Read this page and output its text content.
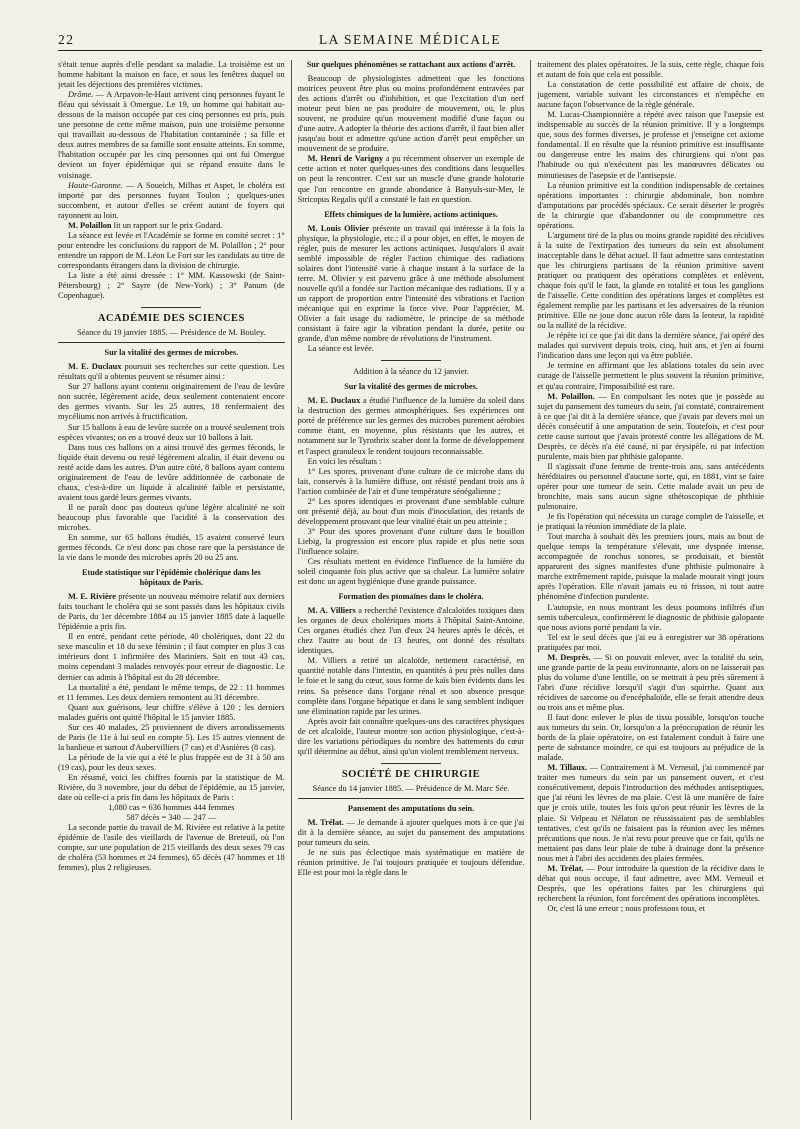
22	LA SEMAINE MÉDICALE

s'était tenue auprès d'elle pendant sa maladie. La troisième est un homme habitant la maison en face, et sous les fenêtres duquel on jetait les déjections des premières victimes.

Drôme. — A Arpavon-le-Haut arrivent cinq personnes fuyant le fléau qui sévissait à Omergue. Le 19, un homme qui habitait au-dessous de la maison occupée par ces cinq personnes est pris, puis une personne de cette même maison, puis une troisième personne qui travaillait au-dessous de l'habitation contaminée ; sa fille et deux autres membres de sa famille sont ensuite atteints. En somme, l'habitation occupée par les cinq personnes qui ont fui Omergue devient un foyer épidémique qui se répand ensuite dans le voisinage.

Haute-Garonne. — A Soueich, Milhas et Aspet, le choléra est importé par des personnes fuyant Toulon ; quelques-unes succombent, et autour d'elles se créent autant de foyers qui rayonnent au loin.

M. Polaillon lit un rapport sur le prix Godard.

La séance est levée et l'Académie se forme en comité secret : 1° pour entendre les conclusions du rapport de M. Polaillon ; 2° pour entendre un rapport de M. Léon Le Fort sur les candidats au titre de correspondants étrangers dans la division de chirurgie.

La liste a été ainsi dressée : 1° MM. Kassowski (de Saint-Pétersbourg) ; 2° Sayre (de New-York) ; 3° Panum (de Copenhague).

ACADÉMIE DES SCIENCES

Séance du 19 janvier 1885. — Présidence de M. Bouley.

Sur la vitalité des germes de microbes.

M. E. Duclaux poursuit ses recherches sur cette question. Les résultats qu'il a obtenus peuvent se résumer ainsi :

Sur 27 ballons ayant contenu originairement de l'eau de levûre non sucrée, légèrement acide, deux seulement contenaient encore des germes vivants. Sur les 25 autres, 18 renfermaient des mycéliums non arrivés à fructification.

Sur 15 ballons à eau de levûre sucrée on a trouvé seulement trois espèces vivantes; on en a trouvé deux sur 10 ballons à lait.

Dans tous ces ballons on a ainsi trouvé des germes féconds, le liquide était devenu ou resté légèrement alcalin, il était devenu ou resté acide dans les autres. D'un autre côté, 8 ballons ayant contenu originairement de l'eau de levûre additionnée de carbonate de chaux, c'est-à-dire un liquide à alcalinité faible et persistante, avaient tous gardé leurs germes vivants.

Il ne paraît donc pas douteux qu'une légère alcalinité ne soit beaucoup plus favorable que l'acidité à la conservation des microbes.

En somme, sur 65 ballons étudiés, 15 avaient conservé leurs germes féconds. Ce n'est donc pas chose rare que la persistance de la vie dans le monde des microbes après 20 ou 25 ans.

Etude statistique sur l'épidémie cholérique dans les hôpitaux de Paris.

M. E. Rivière présente un nouveau mémoire relatif aux derniers faits touchant le choléra qui se sont passés dans les hôpitaux civils de Paris, du 1er décembre 1884 au 15 janvier 1885 date à laquelle l'épidémie a pris fin.

Il en entré, pendant cette période, 40 cholériques, dont 22 du sexe masculin et 18 du sexe féminin ; il faut compter en plus 3 cas intérieurs dont 1 infirmière des Mariniers. Soit en tout 43 cas, moins cependant 3 malades renvoyés pour erreur de diagnostic. Le dernier cas admis à l'hôpital est du 28 décembre.

La mortalité a été, pendant le même temps, de 22 : 11 hommes et 11 femmes. Les deux derniers remontent au 31 décembre.

Quant aux guérisons, leur chiffre s'élève à 120 ; les derniers malades guéris ont quitté l'hôpital le 15 janvier 1885.

Sur ces 40 malades, 25 proviennent de divers arrondissements de Paris (le 11e à lui seul en compte 5). Les 15 autres viennent de la banlieue et surtout d'Aubervilliers (7 cas) et d'Asnières (8 cas).

La période de la vie qui a été le plus frappée est de 31 à 50 ans (19 cas), pour les deux sexes.

En résumé, voici les chiffres fournis par la statistique de M. Rivière, du 3 novembre, jour du début de l'épidémie, au 15 janvier, date où celle-ci a pris fin dans les hôpitaux de Paris :

1,080 cas = 636 hommes 444 femmes

587 décès = 340 — 247 —

La seconde partie du travail de M. Rivière est relative à la petite épidémie de l'asile des vieillards de l'avenue de Breteuil, où l'on compte, sur une population de 215 vieillards des deux sexes 79 cas de choléra (53 hommes et 24 femmes), 65 décès (47 hommes et 18 femmes), plus 2 religieuses.

Sur quelques phénomènes se rattachant aux actions d'arrêt.

Beaucoup de physiologistes admettent que les fonctions motrices peuvent être plus ou moins profondément entravées par des actions d'arrêt ou d'inhibition, et que l'excitation d'un nerf moteur peut bien ne pas produire de mouvement, ou, le plus souvent, ne produire qu'un mouvement modifié d'une façon ou d'une autre. A adopter la théorie des actions d'arrêt, il faut bien aller jusqu'au bout et admettre qu'une action d'arrêt peut empêcher un mouvement de se produire.

M. Henri de Varigny a pu récemment observer un exemple de cette action et noter quelques-unes des conditions dans lesquelles on peut la rencontrer. C'est sur un muscle d'une grande holoturie que l'on rencontre en grande abondance à Banyuls-sur-Mer, le Stricopus Regalis qu'il a constaté le fait en question.

Effets chimiques de la lumière, actions actiniques.

M. Louis Olivier présente un travail qui intéresse à la fois la physique, la physiologie, etc.; il a pour objet, en effet, le moyen de régler, puis de mesurer les actions actiniques. Jusqu'alors il avait semblé impossible de régler l'action chimique des radiations solaires dont l'intensité varie à chaque instant à la surface de la terre. M. Olivier y est parvenu grâce à une méthode absolument nouvelle qu'il a fondée sur l'action mécanique des radiations. Il y a un rapport de proportion entre l'intensité des vibrations et l'action mécanique qui en exprime la force vive. Pour l'apprécier, M. Olivier a fait usage du radiomètre, le principe de sa méthode consistant à faire agir la vibration pendant la durée, petite ou grande, d'un même nombre de révolutions de l'instrument.

La séance est levée.

Addition à la séance du 12 janvier.

Sur la vitalité des germes de microbes.

M. E. Duclaux a étudié l'influence de la lumière du soleil dans la destruction des germes atmosphériques. Ses expériences ont porté de préférence sur les germes des microbes purement aérobies comme étant, en moyenne, plus résistants que les autres, et notamment sur le Tyrothrix scaber dont la forme de développement et l'aspect granuleux le rendent toujours reconnaissable.

En voici les résultats :

1° Les spores, provenant d'une culture de ce microbe dans du lait, conservés à la lumière diffuse, ont résisté pendant trois ans à l'action combinée de l'air et d'une température sénégalienne ;

2° Les spores identiques et provenant d'une semblable culture ont présenté déjà, au bout d'un mois d'inoculation, des retards de développement prouvant que leur vitalité était un peu atteinte ;

3° Pour des spores provenant d'une culture dans le bouillon Liebig, la progression est encore plus rapide et plus nette sous l'influence solaire.

Ces résultats mettent en évidence l'influence de la lumière du soleil cinquante fois plus active que sa chaleur. La lumière solaire est donc un agent hygiénique d'une grande puissance.

Formation des ptomaïnes dans le choléra.

M. A. Villiers a recherché l'existence d'alcaloïdes toxiques dans les organes de deux cholériques morts à l'hôpital Saint-Antoine. Ces organes étudiés chez l'un d'eux 24 heures après le décès, et chez l'autre au bout de 13 heures, ont donné des résultats identiques.

M. Villiers a retiré un alcaloïde, nettement caractérisé, en quantité notable dans l'intestin, en quantités à peu près nulles dans le foie et le sang du cœur, sous forme de kaïs bien évidents dans les reins. Sa présence dans l'organe rénal et son absence presque complète dans l'organe hépatique et dans le sang semblent indiquer une élimination rapide par les urines.

Après avoir fait connaître quelques-uns des caractères physiques de cet alcaloïde, l'auteur montre son action physiologique, c'est-à-dire les variations périodiques du nombre des battements du cœur qu'il détermine au début, ainsi qu'un violent tremblement nerveux.

SOCIÉTÉ DE CHIRURGIE

Séance du 14 janvier 1885. — Présidence de M. Marc Sée.

Pansement des amputations du sein.

M. Trélat. — Je demande à ajouter quelques mots à ce que j'ai dit à la dernière séance, au sujet du pansement des amputations pour tumeurs du sein.

Je ne suis pas éclectique mais systématique en matière de réunion primitive. Je l'ai toujours pratiquée et toujours défendue. Elle est pour moi la règle dans le

traitement des plaies opératoires. Je la suis, cette règle, chaque fois et autant de fois que cela est possible.

La constatation de cette possibilité est affaire de choix, de jugement, variable suivant les circonstances et n'empêche en aucune façon l'observance de la règle générale.

M. Lucas-Championnière a répété avec raison que l'asepsie est indispensable au succès de la réunion primitive. Il y a longtemps que, sous des formes diverses, je professe et j'enseigne cet axiome fondamental. Il en résulte que la réunion primitive est insuffisante ou dangereuse entre les mains des chirurgiens qui n'ont pas l'habitude ou qui n'exécutent pas les manœuvres délicates ou minutieuses de l'asepsie et de l'antisepsie.

La réunion primitive est la condition indispensable de certaines opérations importantes : chirurgie abdominale, bon nombre d'amputations par procédés spéciaux. Ce serait déserter le progrès de la chirurgie que d'abandonner ou de compromettre ces opérations.

L'argument tiré de la plus ou moins grande rapidité des récidives à la suite de l'extirpation des tumeurs du sein est absolument inacceptable dans le débat actuel. Il faut admettre sans contestation que les chirurgiens partisans de la réunion primitive savent pratiquer ou pratiquent des opérations complètes et enlèvent, chaque fois qu'il le faut, la glande en totalité et tous les ganglions de l'aisselle. Cette condition des opérations larges et complètes est également remplie par les partisans et les adversaires de la réunion primitive. Elle ne joue donc aucun rôle dans la lenteur, la rapidité ou la nullité de la récidive.

Je répète ici ce que j'ai dit dans la dernière séance, j'ai opéré des malades qui survivent depuis trois, cinq, huit ans, et j'en ai fourni l'indication dans une leçon qui va être publiée.

Je termine en affirmant que les ablations totales du sein avec curage de l'aisselle permettent le plus souvent la réunion primitive, et qu'au contraire, l'impossibilité est rare.

M. Polaillon. — En compulsant les notes que je possède au sujet du pansement des tumeurs du sein, j'ai constaté, contrairement à ce que j'ai dit à la dernière séance, que j'avais par devers moi un décès consécutif à une amputation de sein. Toutefois, et c'est pour cette cause surtout que j'avais protesté contre les allégations de M. Desprès, ce décès n'a été causé, ni par érysipèle, ni par infection purulente, mais bien par phthisie galopante.

Il s'agissait d'une femme de trente-trois ans, sans antécédents héréditaires ou personnel d'aucune sorte, qui, en 1881, vint se faire opérer pour une tumeur de sein. Cette malade avait un peu de bronchite, mais sans aucun signe sthétoscopique de phthisie pulmonaire.

Je fis l'opération qui nécessita un curage complet de l'aisselle, et je pratiquai la réunion immédiate de la plaie.

Tout marcha à souhait dès les premiers jours, mais au bout de quelque temps la température s'élevait, une dyspnée intense, accompagnée de ronchus sonores, se produisait, et bientôt apparurent des signes manifestes d'une phthisie pulmonaire à marche extrêmement rapide, puisque la malade mourait vingt jours après l'opération. Elle n'avait jamais eu ni frisson, ni tout autre phénomène d'infection purulente.

L'autopsie, en nous montrant les deux poumons infiltrés d'un semis tuberculeux, confirmèrent le diagnostic de phthisie galopante que nous avions porté pendant la vie.

Tel est le seul décès que j'ai eu à enregistrer sur 38 opérations pratiquées par moi.

M. Desprès. — Si on pouvait enlever, avec la totalité du sein, une grande partie de la peau environnante, alors on ne laisserait pas plus du volume d'une lentille, on se mettrait à peu près sûrement à l'abri d'une récidive lorsqu'il s'agit d'un squirrhe. Quant aux récidives de sarcome ou d'encéphaloïde, elle se ferait attendre deux ou trois ans et même plus.

Il faut donc enlever le plus de tissu possible, lorsqu'on touche aux tumeurs du sein. Or, lorsqu'on a la préoccupation de réunir les bords de la plaie opératoire, on est fatalement conduit à faire une perte de substance moindre, ce qui est toujours au préjudice de la malade.

M. Tillaux. — Contrairement à M. Verneuil, j'ai commencé par traiter mes tumeurs du sein par un pansement ouvert, et c'est consécutivement, depuis l'introduction des méthodes antiseptiques, que j'ai réuni les lèvres de ma plaie. C'est là une manière de faire que je crois utile, toutes les fois qu'on peut réunir les lèvres de la plaie. Si Velpeau et Nélaton ne réussissaient pas de semblables tentatives, c'est qu'ils ne faisaient pas la réunion avec les mêmes précautions que nous. Je n'ai revu pour preuve que ce fait, qu'ils ne mettaient pas dans leur plaie de tube à drainage dont la présence nous met à l'abri des accidents des plaies fermées.

M. Trélat. — Pour introduire la question de la récidive dans le débat qui nous occupe, il faut admettre, avec MM. Verneuil et Desprès, que les opérations faites par les chirurgiens qui recherchent la réunion, font forcément des opérations incomplètes.

Or, c'est là une erreur ; nous professons tous, et
